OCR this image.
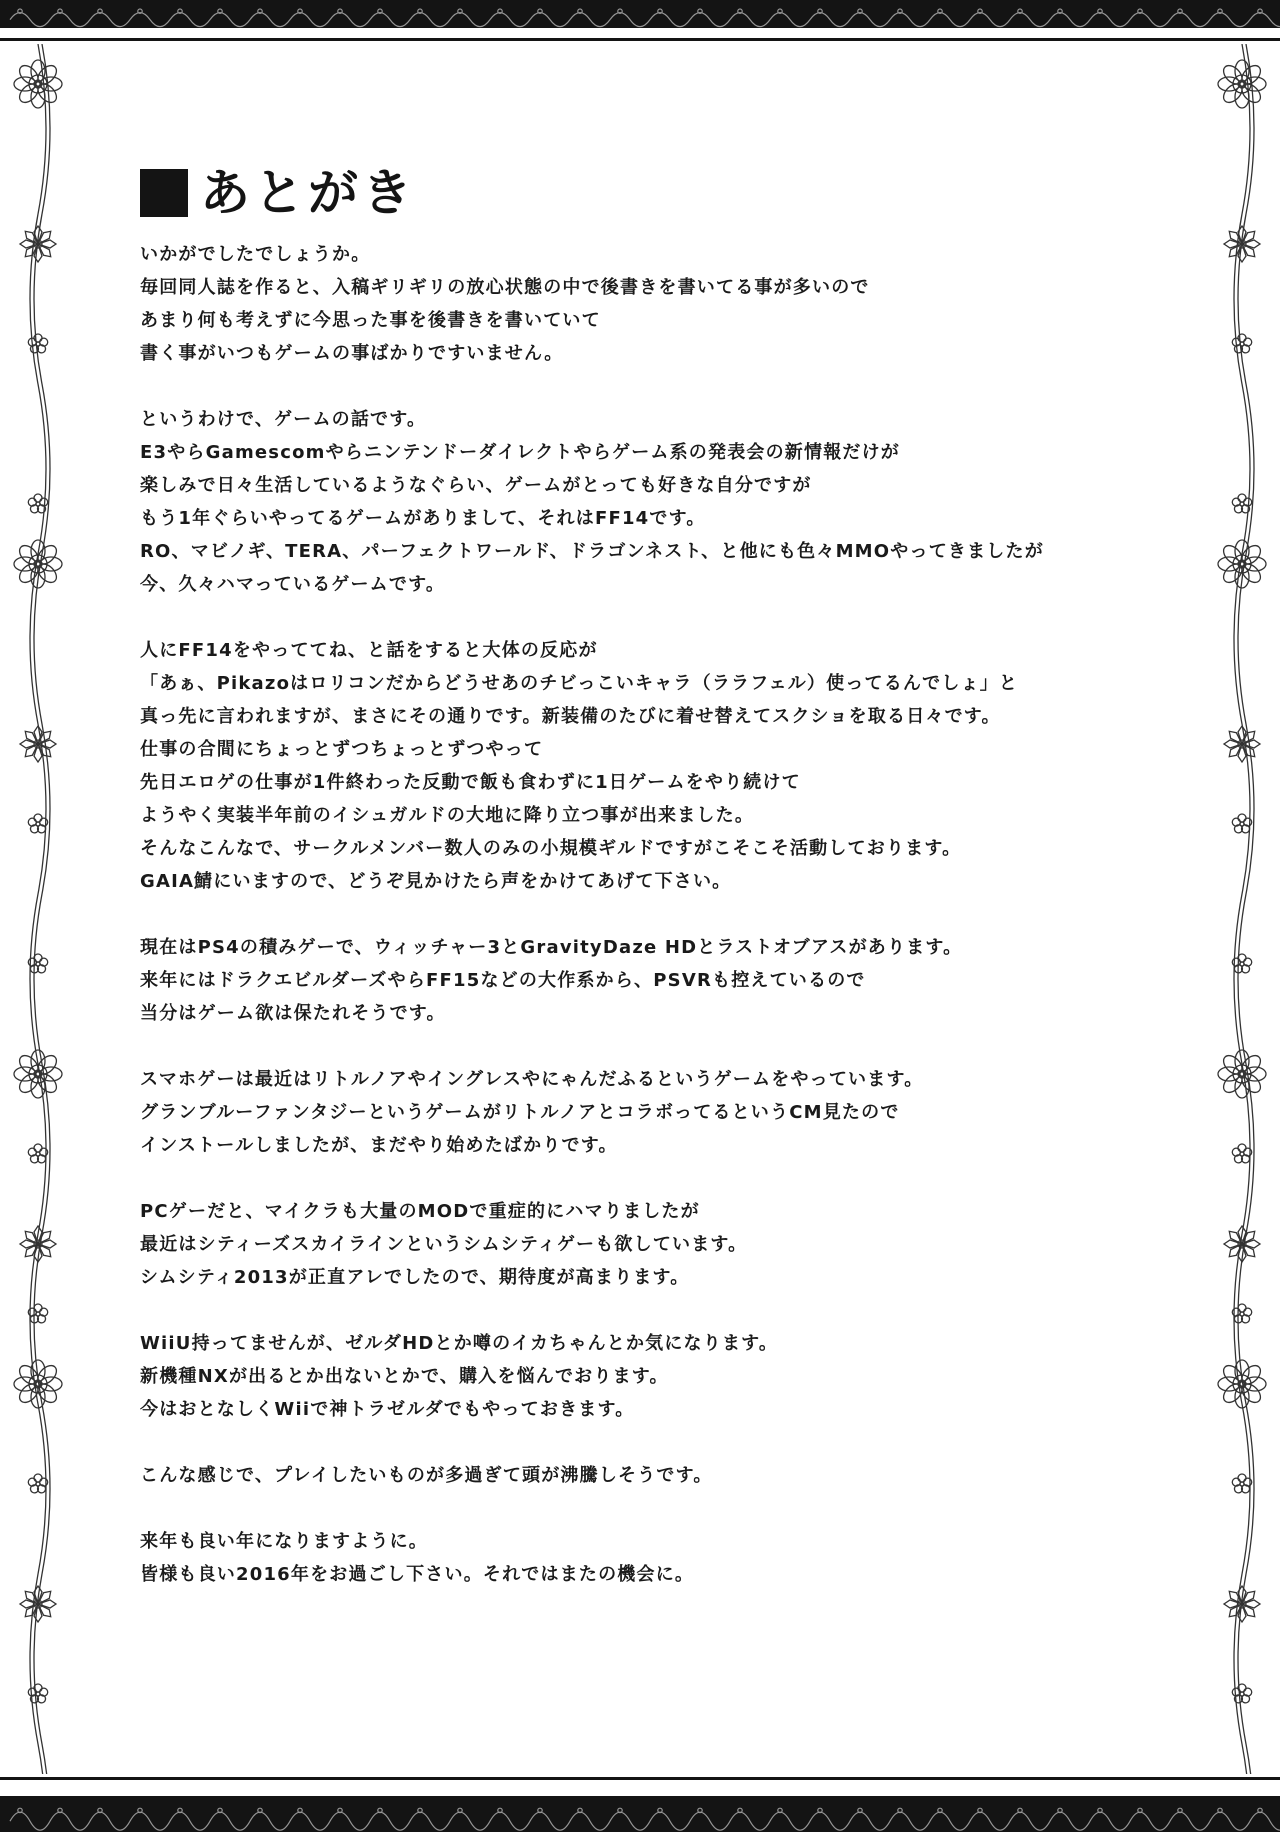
あとがき
いかがでしたでしょうか。
毎回同人誌を作ると、入稿ギリギリの放心状態の中で後書きを書いてる事が多いので
あまり何も考えずに今思った事を後書きを書いていて
書く事がいつもゲームの事ばかりですいません。
というわけで、ゲームの話です。
E3やらGamescomやらニンテンドーダイレクトやらゲーム系の発表会の新情報だけが
楽しみで日々生活しているようなぐらい、ゲームがとっても好きな自分ですが
もう1年ぐらいやってるゲームがありまして、それはFF14です。
RO、マビノギ、TERA、パーフェクトワールド、ドラゴンネスト、と他にも色々MMOやってきましたが
今、久々ハマっているゲームです。
人にFF14をやっててね、と話をすると大体の反応が
「あぁ、Pikazoはロリコンだからどうせあのチビっこいキャラ（ララフェル）使ってるんでしょ」と
真っ先に言われますが、まさにその通りです。新装備のたびに着せ替えてスクショを取る日々です。
仕事の合間にちょっとずつちょっとずつやって
先日エロゲの仕事が1件終わった反動で飯も食わずに1日ゲームをやり続けて
ようやく実装半年前のイシュガルドの大地に降り立つ事が出来ました。
そんなこんなで、サークルメンバー数人のみの小規模ギルドですがこそこそ活動しております。
GAIA鯖にいますので、どうぞ見かけたら声をかけてあげて下さい。
現在はPS4の積みゲーで、ウィッチャー3とGravityDaze HDとラストオブアスがあります。
来年にはドラクエビルダーズやらFF15などの大作系から、PSVRも控えているので
当分はゲーム欲は保たれそうです。
スマホゲーは最近はリトルノアやイングレスやにゃんだふるというゲームをやっています。
グランブルーファンタジーというゲームがリトルノアとコラボってるというCM見たので
インストールしましたが、まだやり始めたばかりです。
PCゲーだと、マイクラも大量のMODで重症的にハマりましたが
最近はシティーズスカイラインというシムシティゲーも欲しています。
シムシティ2013が正直アレでしたので、期待度が高まります。
WiiU持ってませんが、ゼルダHDとか噂のイカちゃんとか気になります。
新機種NXが出るとか出ないとかで、購入を悩んでおります。
今はおとなしくWiiで神トラゼルダでもやっておきます。
こんな感じで、プレイしたいものが多過ぎて頭が沸騰しそうです。
来年も良い年になりますように。
皆様も良い2016年をお過ごし下さい。それではまたの機会に。
